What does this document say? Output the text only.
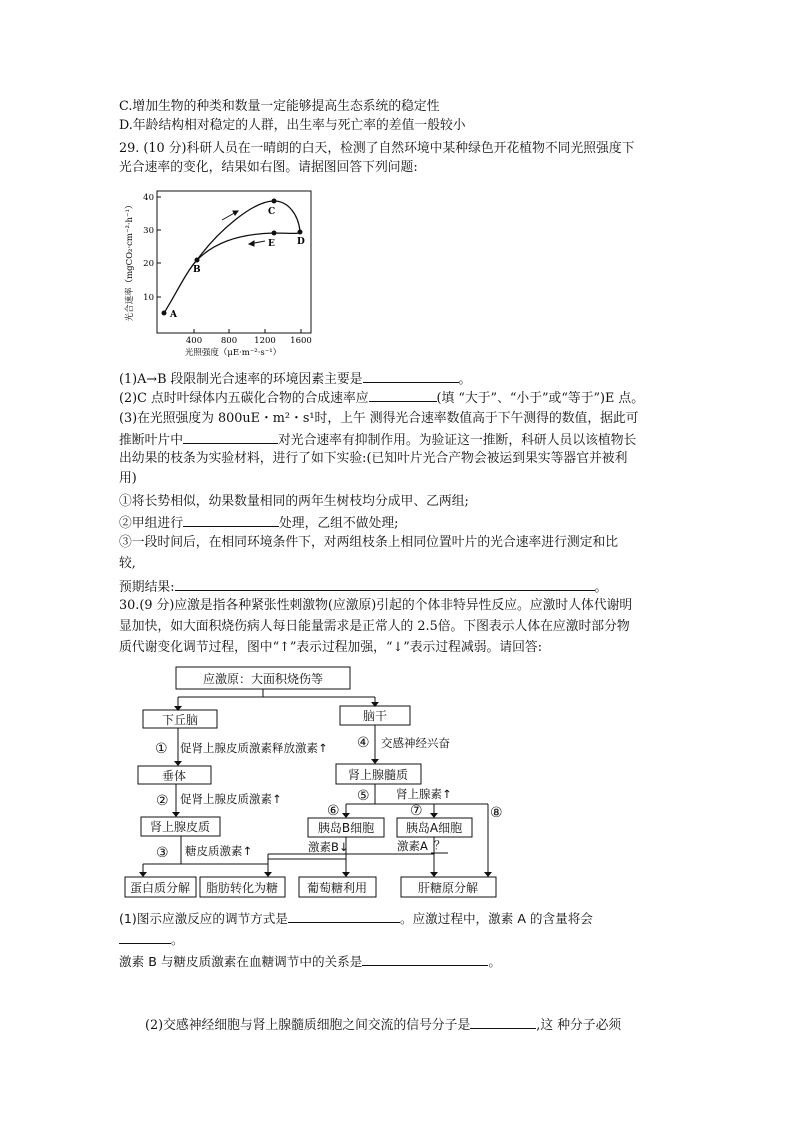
C.增加生物的种类和数量一定能够提高生态系统的稳定性
D.年龄结构相对稳定的人群，出生率与死亡率的差值一般较小
29. (10 分)科研人员在一晴朗的白天，检测了自然环境中某种绿色开花植物不同光照强度下
光合速率的变化，结果如右图。请据图回答下列问题:
光合速率（mgCO₂·cm⁻²·h⁻¹） 10
20
30
40
400 800 1200 1600
光照强度（μE·m⁻²·s⁻¹）
A
B
C
E D
(1)A→B 段限制光合速率的环境因素主要是	。
(2)C 点时叶绿体内五碳化合物的合成速率应	(填 “大于”、“小于”或“等于”)E 点。
(3)在光照强度为 800uE・m²・s¹时，上午 测得光合速率数值高于下午测得的数值，据此可
推断叶片中	对光合速率有抑制作用。为验证这一推断，科研人员以该植物长
出幼果的枝条为实验材料，进行了如下实验:(已知叶片光合产物会被运到果实等器官并被利
用)
①将长势相似，幼果数量相同的两年生树枝均分成甲、乙两组;
②甲组进行	处理，乙组不做处理;
③一段时间后，在相同环境条件下，对两组枝条上相同位置叶片的光合速率进行测定和比
较,
预期结果:	。
30.(9 分)应激是指各种紧张性刺激物(应激原)引起的个体非特异性反应。应激时人体代谢明
显加快，如大面积烧伤病人每日能量需求是正常人的 2.5倍。下图表示人体在应激时部分物
质代谢变化调节过程，图中“↑”表示过程加强，“↓”表示过程减弱。请回答:
应激原：大面积烧伤等
下丘脑	脑干
垂体	肾上腺髓质
肾上腺皮质	胰岛B细胞	胰岛A细胞
蛋白质分解 脂肪转化为糖 葡萄糖利用	肝糖原分解
① 促肾上腺皮质激素释放激素↑ ④ 交感神经兴奋
② 促肾上腺皮质激素↑	⑤ 肾上腺素↑
⑥	⑦	⑧
③ 糖皮质激素↑	激素B↓	激素A ？
(1)图示应激反应的调节方式是	。应激过程中，激素 A 的含量将会
。
激素 B 与糖皮质激素在血糖调节中的关系是	。
(2)交感神经细胞与肾上腺髓质细胞之间交流的信号分子是	,这 种分子必须
